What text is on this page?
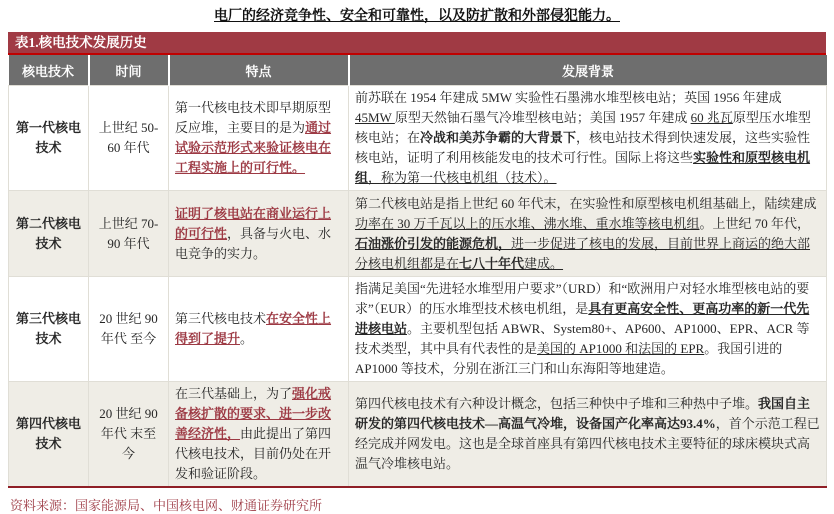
电厂的经济竞争性、安全和可靠性，以及防扩散和外部侵犯能力。
表1.核电技术发展历史
核电技术	时间	特点	发展背景
第一代核电技术	上世纪 50-60 年代	第一代核电技术即早期原型反应堆，主要目的是为通过试验示范形式来验证核电在工程实施上的可行性。	前苏联在 1954 年建成 5MW 实验性石墨沸水堆型核电站；英国 1956 年建成 45MW 原型天然铀石墨气冷堆型核电站；美国 1957 年建成 60 兆瓦原型压水堆型核电站；在冷战和美苏争霸的大背景下，核电站技术得到快速发展，这些实验性核电站，证明了利用核能发电的技术可行性。国际上将这些实验性和原型核电机组，称为第一代核电机组（技术）。
第二代核电技术	上世纪 70- 90 年代	证明了核电站在商业运行上的可行性，具备与火电、水电竞争的实力。	第二代核电站是指上世纪 60 年代末，在实验性和原型核电机组基础上，陆续建成功率在 30 万千瓦以上的压水堆、沸水堆、重水堆等核电机组。上世纪 70 年代，石油涨价引发的能源危机，进一步促进了核电的发展，目前世界上商运的绝大部分核电机组都是在七八十年代建成。
第三代核电技术	20 世纪 90 年代 至今	第三代核电技术在安全性上得到了提升。	指满足美国“先进轻水堆型用户要求”（URD）和“欧洲用户对轻水堆型核电站的要求”（EUR）的压水堆型技术核电机组，是具有更高安全性、更高功率的新一代先进核电站。主要机型包括 ABWR、System80+、AP600、AP1000、EPR、ACR 等技术类型，其中具有代表性的是美国的 AP1000 和法国的 EPR。我国引进的 AP1000 等技术，分别在浙江三门和山东海阳等地建造。
第四代核电技术	20 世纪 90 年代 末至今	在三代基础上，为了强化戒备核扩散的要求、进一步改善经济性，由此提出了第四代核电技术，目前仍处在开发和验证阶段。	第四代核电技术有六种设计概念，包括三种快中子堆和三种热中子堆。我国自主研发的第四代核电技术—高温气冷堆，设备国产化率高达93.4%，首个示范工程已经完成并网发电。这也是全球首座具有第四代核电技术主要特征的球床模块式高温气冷堆核电站。
资料来源：国家能源局、中国核电网、财通证券研究所
